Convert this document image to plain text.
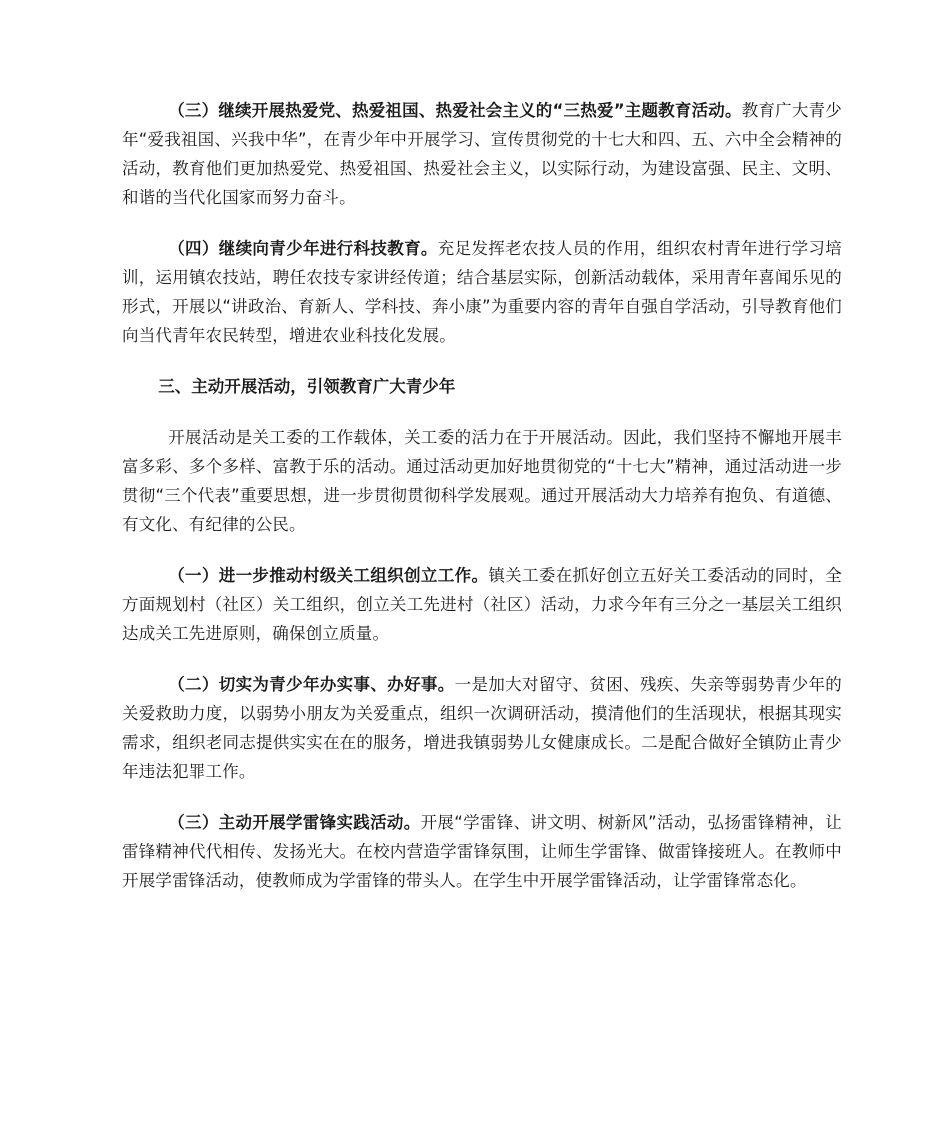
（三）继续开展热爱党、热爱祖国、热爱社会主义的“三热爱”主题教育活动。教育广大青少年“爱我祖国、兴我中华”，在青少年中开展学习、宣传贯彻党的十七大和四、五、六中全会精神的活动，教育他们更加热爱党、热爱祖国、热爱社会主义，以实际行动，为建设富强、民主、文明、和谐的当代化国家而努力奋斗。

（四）继续向青少年进行科技教育。充足发挥老农技人员的作用，组织农村青年进行学习培训，运用镇农技站，聘任农技专家讲经传道；结合基层实际，创新活动载体，采用青年喜闻乐见的形式，开展以“讲政治、育新人、学科技、奔小康”为重要内容的青年自强自学活动，引导教育他们向当代青年农民转型，增进农业科技化发展。

三、主动开展活动，引领教育广大青少年

开展活动是关工委的工作载体，关工委的活力在于开展活动。因此，我们坚持不懈地开展丰富多彩、多个多样、富教于乐的活动。通过活动更加好地贯彻党的“十七大”精神，通过活动进一步贯彻“三个代表”重要思想，进一步贯彻贯彻科学发展观。通过开展活动大力培养有抱负、有道德、有文化、有纪律的公民。

（一）进一步推动村级关工组织创立工作。镇关工委在抓好创立五好关工委活动的同时，全方面规划村（社区）关工组织，创立关工先进村（社区）活动，力求今年有三分之一基层关工组织达成关工先进原则，确保创立质量。

（二）切实为青少年办实事、办好事。一是加大对留守、贫困、残疾、失亲等弱势青少年的关爱救助力度，以弱势小朋友为关爱重点，组织一次调研活动，摸清他们的生活现状，根据其现实需求，组织老同志提供实实在在的服务，增进我镇弱势儿女健康成长。二是配合做好全镇防止青少年违法犯罪工作。

（三）主动开展学雷锋实践活动。开展“学雷锋、讲文明、树新风”活动，弘扬雷锋精神，让雷锋精神代代相传、发扬光大。在校内营造学雷锋氛围，让师生学雷锋、做雷锋接班人。在教师中开展学雷锋活动，使教师成为学雷锋的带头人。在学生中开展学雷锋活动，让学雷锋常态化。
